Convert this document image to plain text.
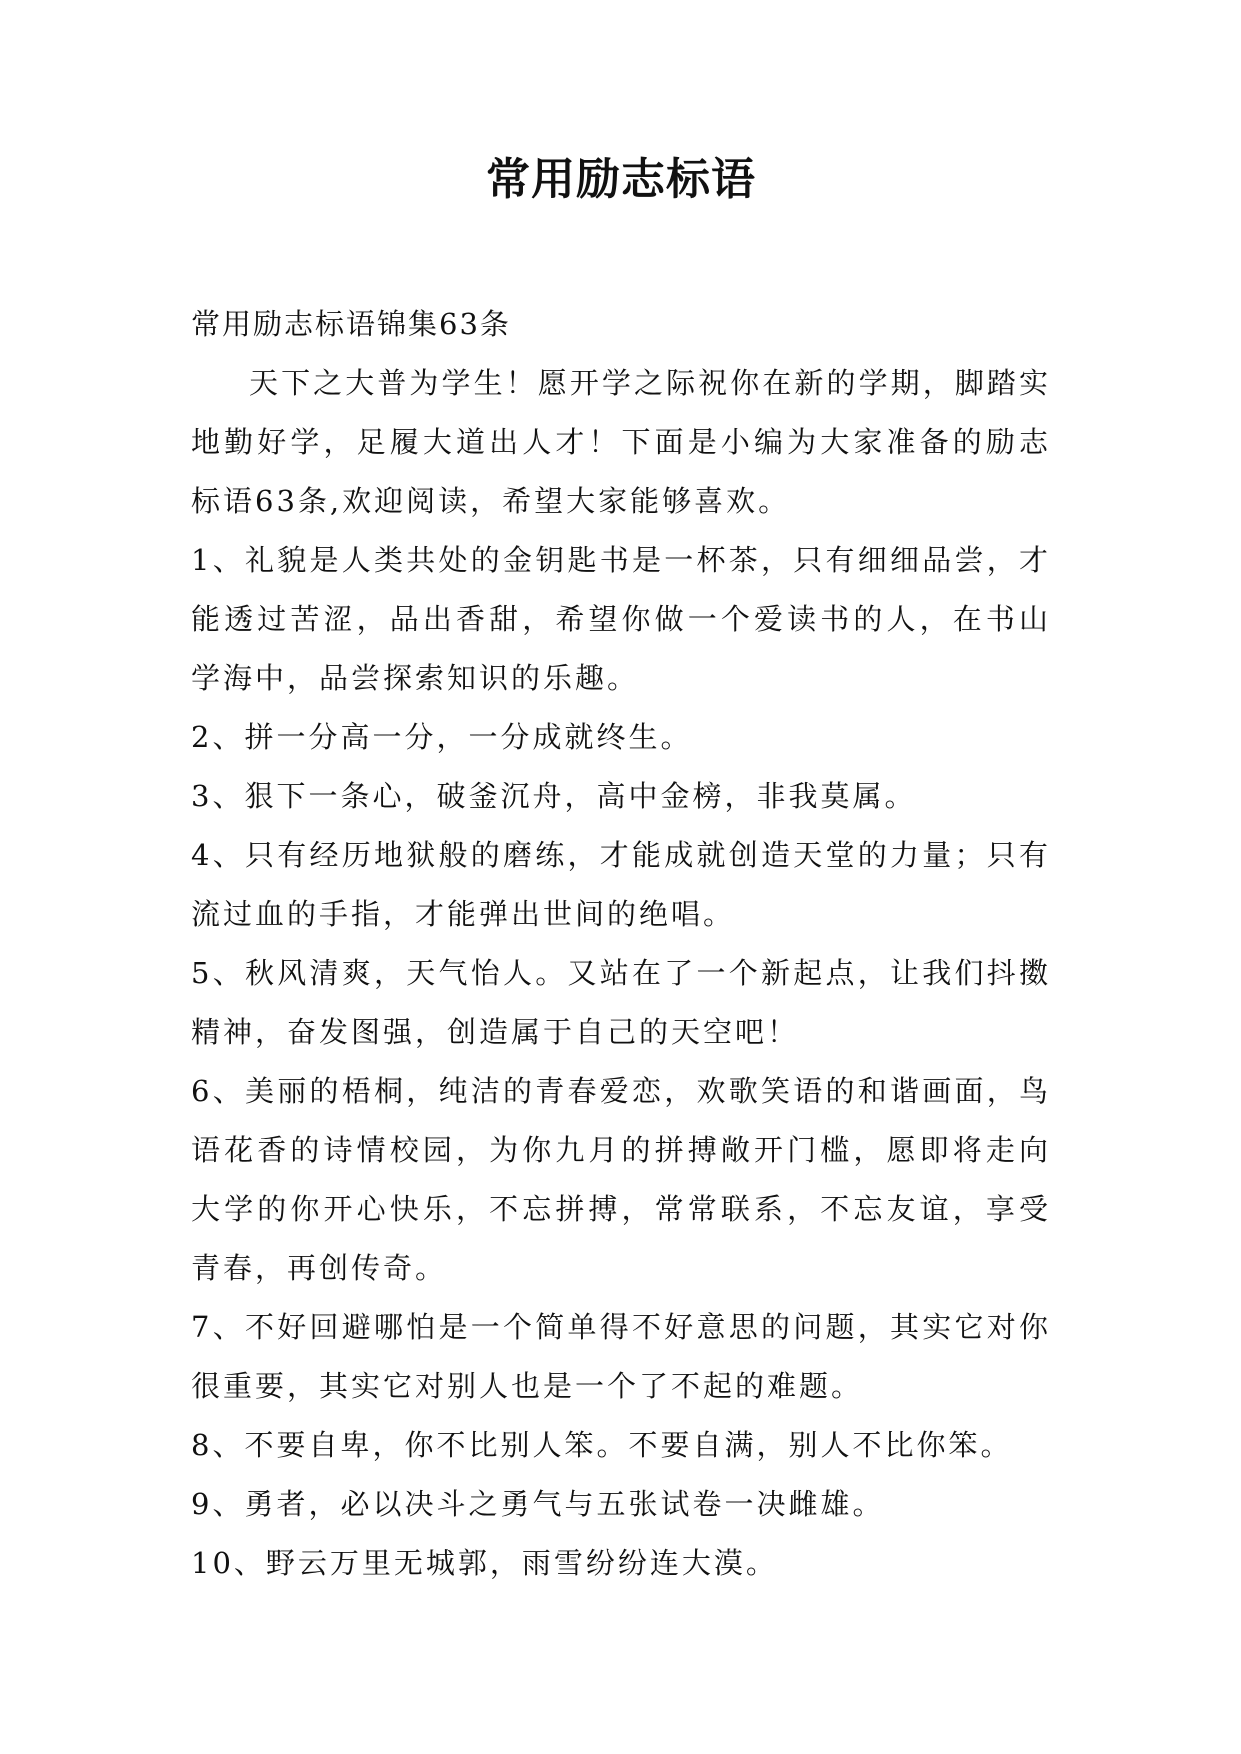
常用励志标语

常用励志标语锦集63条

天下之大普为学生！愿开学之际祝你在新的学期，脚踏实地勤好学，足履大道出人才！下面是小编为大家准备的励志标语63条,欢迎阅读，希望大家能够喜欢。

1、礼貌是人类共处的金钥匙书是一杯茶，只有细细品尝，才能透过苦涩，品出香甜，希望你做一个爱读书的人，在书山学海中，品尝探索知识的乐趣。

2、拼一分高一分，一分成就终生。

3、狠下一条心，破釜沉舟，高中金榜，非我莫属。

4、只有经历地狱般的磨练，才能成就创造天堂的力量；只有流过血的手指，才能弹出世间的绝唱。

5、秋风清爽，天气怡人。又站在了一个新起点，让我们抖擞精神，奋发图强，创造属于自己的天空吧！

6、美丽的梧桐，纯洁的青春爱恋，欢歌笑语的和谐画面，鸟语花香的诗情校园，为你九月的拼搏敞开门槛，愿即将走向大学的你开心快乐，不忘拼搏，常常联系，不忘友谊，享受青春，再创传奇。

7、不好回避哪怕是一个简单得不好意思的问题，其实它对你很重要，其实它对别人也是一个了不起的难题。

8、不要自卑，你不比别人笨。不要自满，别人不比你笨。

9、勇者，必以决斗之勇气与五张试卷一决雌雄。

10、野云万里无城郭，雨雪纷纷连大漠。
